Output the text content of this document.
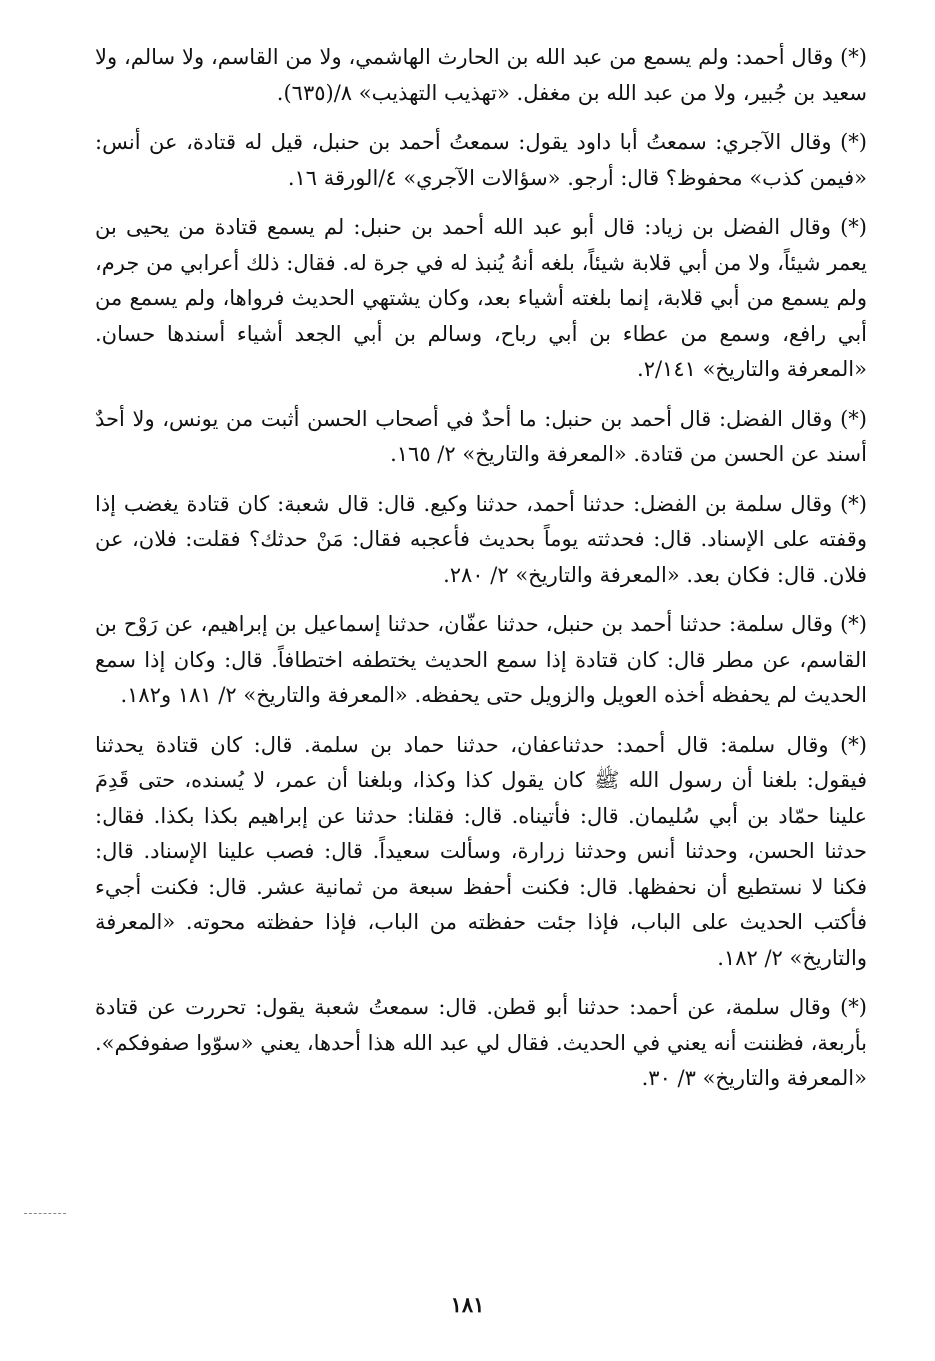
(*) وقال أحمد: ولم يسمع من عبد الله بن الحارث الهاشمي، ولا من القاسم، ولا سالم، ولا سعيد بن جُبير، ولا من عبد الله بن مغفل. «تهذيب التهذيب» ٨/(٦٣٥).

(*) وقال الآجري: سمعتُ أبا داود يقول: سمعتُ أحمد بن حنبل، قيل له قتادة، عن أنس: «فيمن كذب» محفوظ؟ قال: أرجو. «سؤالات الآجري» ٤/الورقة ١٦.

(*) وقال الفضل بن زياد: قال أبو عبد الله أحمد بن حنبل: لم يسمع قتادة من يحيى بن يعمر شيئاً، ولا من أبي قلابة شيئاً، بلغه أنهُ يُنبذ له في جرة له. فقال: ذلك أعرابي من جرم، ولم يسمع من أبي قلابة، إنما بلغته أشياء بعد، وكان يشتهي الحديث فرواها، ولم يسمع من أبي رافع، وسمع من عطاء بن أبي رباح، وسالم بن أبي الجعد أشياء أسندها حسان. «المعرفة والتاريخ» ٢/١٤١.

(*) وقال الفضل: قال أحمد بن حنبل: ما أحدٌ في أصحاب الحسن أثبت من يونس، ولا أحدٌ أسند عن الحسن من قتادة. «المعرفة والتاريخ» ٢/ ١٦٥.

(*) وقال سلمة بن الفضل: حدثنا أحمد، حدثنا وكيع. قال: قال شعبة: كان قتادة يغضب إذا وقفته على الإسناد. قال: فحدثته يوماً بحديث فأعجبه فقال: مَنْ حدثك؟ فقلت: فلان، عن فلان. قال: فكان بعد. «المعرفة والتاريخ» ٢/ ٢٨٠.

(*) وقال سلمة: حدثنا أحمد بن حنبل، حدثنا عفّان، حدثنا إسماعيل بن إبراهيم، عن رَوْح بن القاسم، عن مطر قال: كان قتادة إذا سمع الحديث يختطفه اختطافاً. قال: وكان إذا سمع الحديث لم يحفظه أخذه العويل والزويل حتى يحفظه. «المعرفة والتاريخ» ٢/ ١٨١ و١٨٢.

(*) وقال سلمة: قال أحمد: حدثناعفان، حدثنا حماد بن سلمة. قال: كان قتادة يحدثنا فيقول: بلغنا أن رسول الله ﷺ كان يقول كذا وكذا، وبلغنا أن عمر، لا يُسنده، حتى قَدِمَ علينا حمّاد بن أبي سُليمان. قال: فأتيناه. قال: فقلنا: حدثنا عن إبراهيم بكذا بكذا. فقال: حدثنا الحسن، وحدثنا أنس وحدثنا زرارة، وسألت سعيداً. قال: فصب علينا الإسناد. قال: فكنا لا نستطيع أن نحفظها. قال: فكنت أحفظ سبعة من ثمانية عشر. قال: فكنت أجيء فأكتب الحديث على الباب، فإذا جئت حفظته من الباب، فإذا حفظته محوته. «المعرفة والتاريخ» ٢/ ١٨٢.

(*) وقال سلمة، عن أحمد: حدثنا أبو قطن. قال: سمعتُ شعبة يقول: تحررت عن قتادة بأربعة، فظننت أنه يعني في الحديث. فقال لي عبد الله هذا أحدها، يعني «سوّوا صفوفكم». «المعرفة والتاريخ» ٣/ ٣٠.

١٨١
